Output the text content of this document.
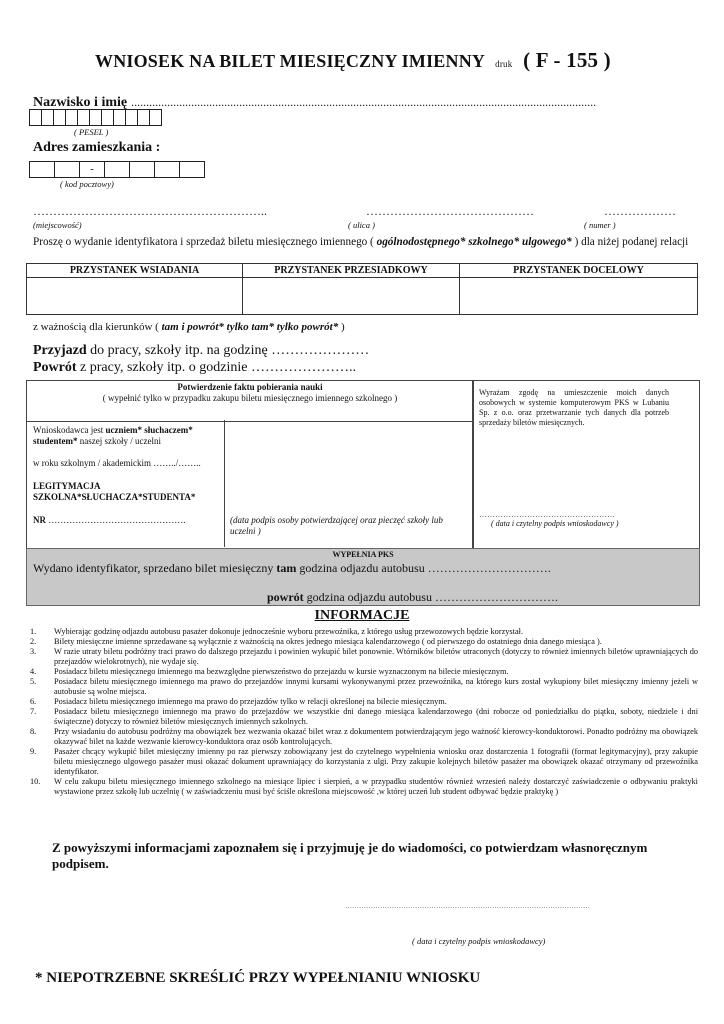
WNIOSEK NA BILET MIESIĘCZNY IMIENNY druk ( F - 155 )
Nazwisko i imię ...........................................................................................................................................................
( PESEL )
Adres zamieszkania :
-
( kod pocztowy)
…………………………………………………..	……………………………………	………………
(miejscowość)	( ulica )	( numer )
Proszę o wydanie identyfikatora i sprzedaż biletu miesięcznego imiennego ( ogólnodostępnego* szkolnego* ulgowego* ) dla niżej podanej relacji
PRZYSTANEK WSIADANIA	PRZYSTANEK PRZESIADKOWY	PRZYSTANEK DOCELOWY

z ważnością dla kierunków ( tam i powrót* tylko tam* tylko powrót* )
Przyjazd do pracy, szkoły itp. na godzinę …………………
Powrót z pracy, szkoły itp. o godzinie …………………..
Potwierdzenie faktu pobierania nauki
( wypełnić tylko w przypadku zakupu biletu miesięcznego imiennego szkolnego )
Wnioskodawca jest uczniem* słuchaczem*
studentem* naszej szkoły / uczelni
w roku szkolnym / akademickim ……../……..
LEGITYMACJA
SZKOLNA*SŁUCHACZA*STUDENTA*
NR ……………………………………….	(data podpis osoby potwierdzającej oraz pieczęć szkoły lub uczelni )
Wyrażam zgodę na umieszczenie moich danych osobowych w systemie komputerowym PKS w Lubaniu Sp. z o.o. oraz przetwarzanie tych danych dla potrzeb sprzedaży biletów miesięcznych.
……………………………………………
( data i czytelny podpis wnioskodawcy )
WYPEŁNIA PKS
Wydano identyfikator, sprzedano bilet miesięczny tam godzina odjazdu autobusu ………………………….
powrót godzina odjazdu autobusu ………………………….
INFORMACJE
1.	Wybierając godzinę odjazdu autobusu pasażer dokonuje jednocześnie wyboru przewoźnika, z którego usług przewozowych będzie korzystał.
2.	Bilety miesięczne imienne sprzedawane są wyłącznie z ważnością na okres jednego miesiąca kalendarzowego ( od pierwszego do ostatniego dnia danego miesiąca ).
3.	W razie utraty biletu podróżny traci prawo do dalszego przejazdu i powinien wykupić bilet ponownie. Wtórników biletów utraconych (dotyczy to również imiennych biletów uprawniających do przejazdów wielokrotnych), nie wydaje się.
4.	Posiadacz biletu miesięcznego imiennego ma bezwzględne pierwszeństwo do przejazdu w kursie wyznaczonym na bilecie miesięcznym.
5.	Posiadacz biletu miesięcznego imiennego ma prawo do przejazdów innymi kursami wykonywanymi przez przewoźnika, na którego kurs został wykupiony bilet miesięczny imienny jeżeli w autobusie są wolne miejsca.
6.	Posiadacz biletu miesięcznego imiennego ma prawo do przejazdów tylko w relacji określonej na bilecie miesięcznym.
7.	Posiadacz biletu miesięcznego imiennego ma prawo do przejazdów we wszystkie dni danego miesiąca kalendarzowego (dni robocze od poniedziałku do piątku, soboty, niedziele i dni świąteczne) dotyczy to również biletów miesięcznych imiennych szkolnych.
8.	Przy wsiadaniu do autobusu podróżny ma obowiązek bez wezwania okazać bilet wraz z dokumentem potwierdzającym jego ważność kierowcy-konduktorowi. Ponadto podróżny ma obowiązek okazywać bilet na każde wezwanie kierowcy-konduktora oraz osób kontrolujących.
9.	Pasażer chcący wykupić bilet miesięczny imienny po raz pierwszy zobowiązany jest do czytelnego wypełnienia wniosku oraz dostarczenia 1 fotografii (format legitymacyjny), przy zakupie biletu miesięcznego ulgowego pasażer musi okazać dokument uprawniający do korzystania z ulgi. Przy zakupie kolejnych biletów pasażer ma obowiązek okazać otrzymany od przewoźnika identyfikator.
10.	W celu zakupu biletu miesięcznego imiennego szkolnego na miesiące lipiec i sierpień, a w przypadku studentów również wrzesień należy dostarczyć zaświadczenie o odbywaniu praktyki wystawione przez szkołę lub uczelnię ( w zaświadczeniu musi być ściśle określona miejscowość ,w której uczeń lub student odbywać będzie praktykę )
Z powyższymi informacjami zapoznałem się i przyjmuję je do wiadomości, co potwierdzam własnoręcznym podpisem.
……………………………………………………………………………………………
( data i czytelny podpis wnioskodawcy)
* NIEPOTRZEBNE SKREŚLIĆ PRZY WYPEŁNIANIU WNIOSKU
